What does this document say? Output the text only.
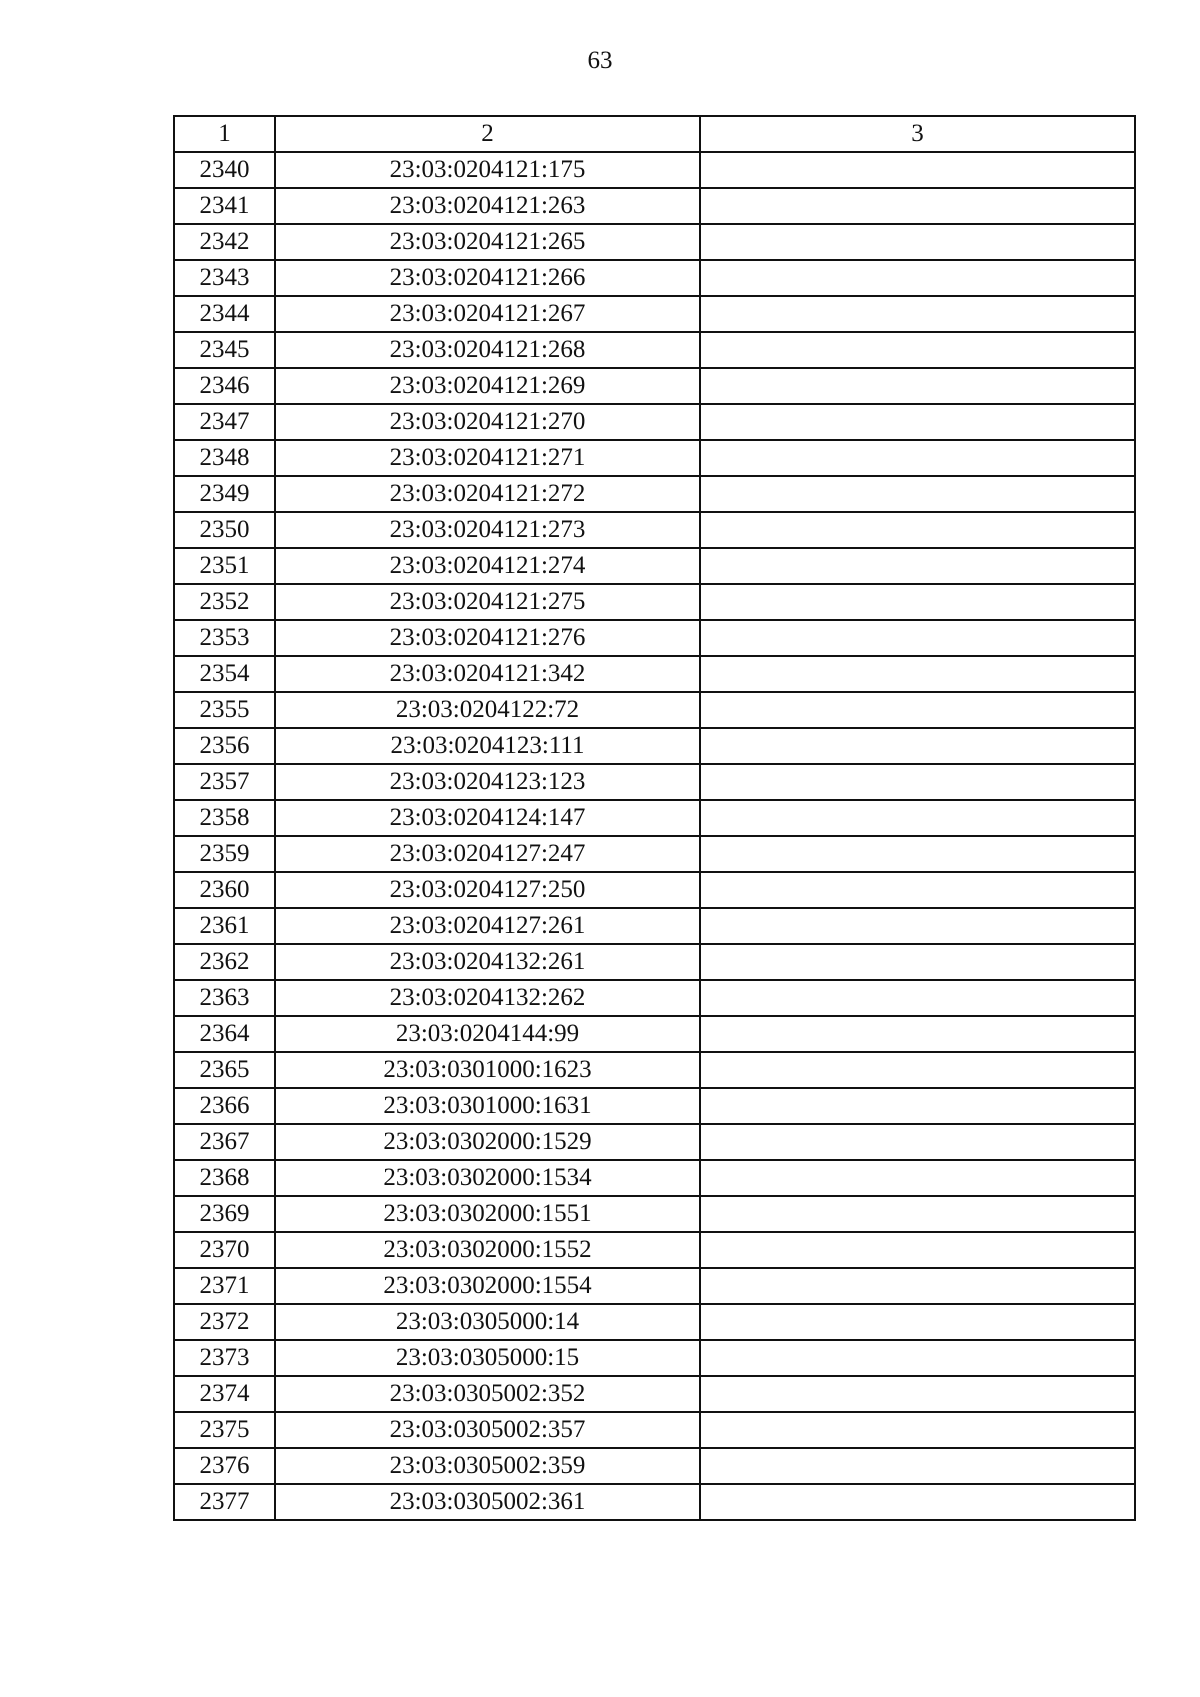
63
1	2	3
2340	23:03:0204121:175	
2341	23:03:0204121:263	
2342	23:03:0204121:265	
2343	23:03:0204121:266	
2344	23:03:0204121:267	
2345	23:03:0204121:268	
2346	23:03:0204121:269	
2347	23:03:0204121:270	
2348	23:03:0204121:271	
2349	23:03:0204121:272	
2350	23:03:0204121:273	
2351	23:03:0204121:274	
2352	23:03:0204121:275	
2353	23:03:0204121:276	
2354	23:03:0204121:342	
2355	23:03:0204122:72	
2356	23:03:0204123:111	
2357	23:03:0204123:123	
2358	23:03:0204124:147	
2359	23:03:0204127:247	
2360	23:03:0204127:250	
2361	23:03:0204127:261	
2362	23:03:0204132:261	
2363	23:03:0204132:262	
2364	23:03:0204144:99	
2365	23:03:0301000:1623	
2366	23:03:0301000:1631	
2367	23:03:0302000:1529	
2368	23:03:0302000:1534	
2369	23:03:0302000:1551	
2370	23:03:0302000:1552	
2371	23:03:0302000:1554	
2372	23:03:0305000:14	
2373	23:03:0305000:15	
2374	23:03:0305002:352	
2375	23:03:0305002:357	
2376	23:03:0305002:359	
2377	23:03:0305002:361	
